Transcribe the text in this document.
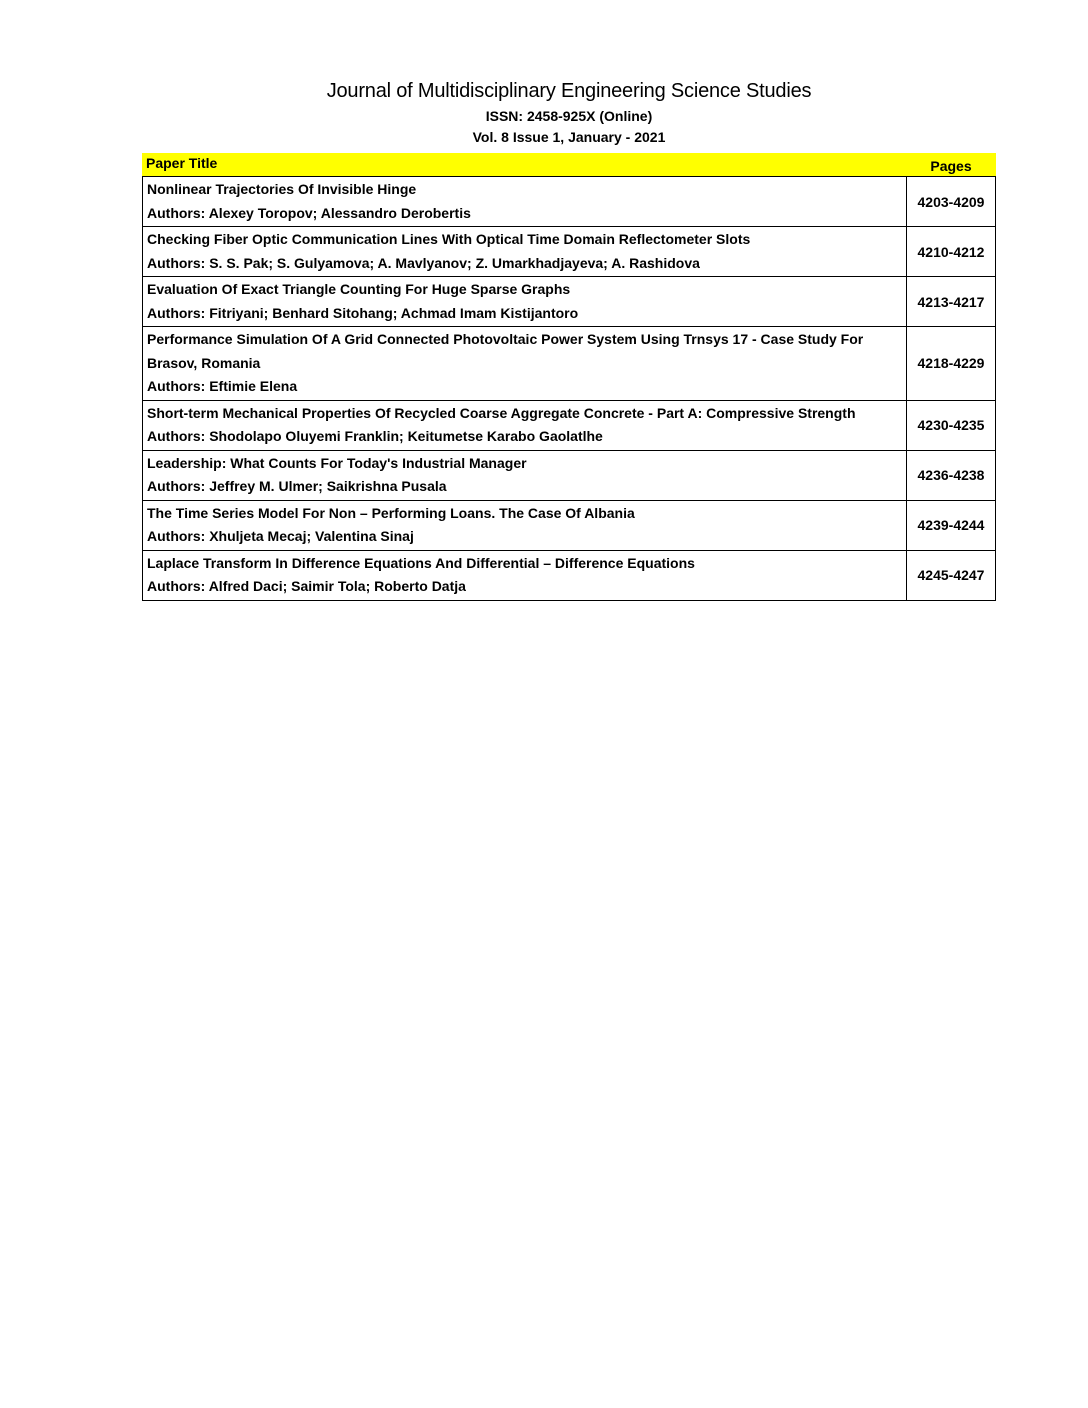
Journal of Multidisciplinary Engineering Science Studies
ISSN: 2458-925X (Online)
Vol. 8 Issue 1, January - 2021
Paper Title	Pages
Nonlinear Trajectories Of Invisible Hinge
Authors: Alexey Toropov; Alessandro Derobertis
4203-4209
Checking Fiber Optic Communication Lines With Optical Time Domain Reflectometer Slots
Authors: S. S. Pak; S. Gulyamova; A. Mavlyanov; Z. Umarkhadjayeva; A. Rashidova
4210-4212
Evaluation Of Exact Triangle Counting For Huge Sparse Graphs
Authors: Fitriyani; Benhard Sitohang; Achmad Imam Kistijantoro
4213-4217
Performance Simulation Of A Grid Connected Photovoltaic Power System Using Trnsys 17 - Case Study For Brasov, Romania
Authors: Eftimie Elena
4218-4229
Short-term Mechanical Properties Of Recycled Coarse Aggregate Concrete - Part A: Compressive Strength
Authors: Shodolapo Oluyemi Franklin; Keitumetse Karabo Gaolatlhe
4230-4235
Leadership: What Counts For Today's Industrial Manager
Authors: Jeffrey M. Ulmer; Saikrishna Pusala
4236-4238
The Time Series Model For Non – Performing Loans. The Case Of Albania
Authors: Xhuljeta Mecaj; Valentina Sinaj
4239-4244
Laplace Transform In Difference Equations And Differential – Difference Equations
Authors: Alfred Daci; Saimir Tola; Roberto Datja
4245-4247
